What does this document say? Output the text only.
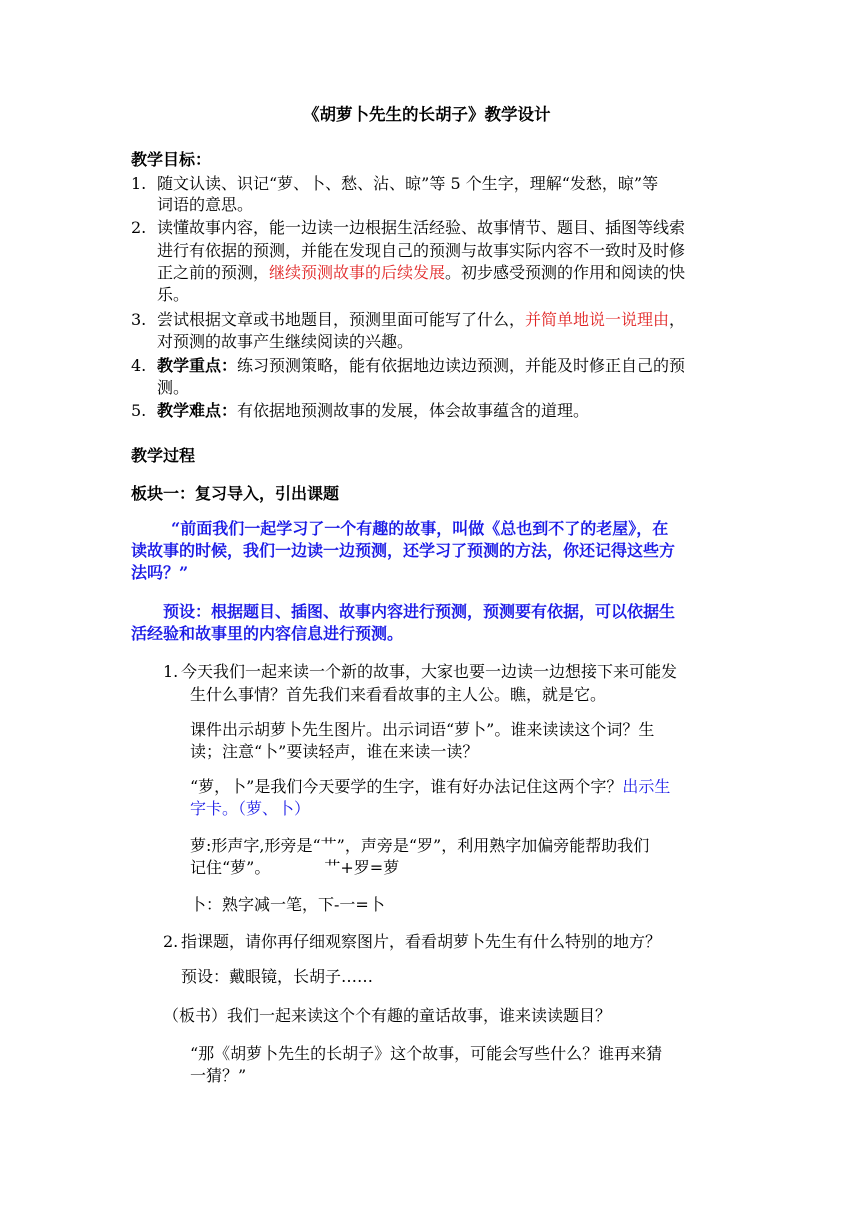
《胡萝卜先生的长胡子》教学设计
教学目标：
1. 随文认读、识记“萝、卜、愁、沾、晾”等 5 个生字，理解“发愁，晾”等
词语的意思。
2. 读懂故事内容，能一边读一边根据生活经验、故事情节、题目、插图等线索
进行有依据的预测，并能在发现自己的预测与故事实际内容不一致时及时修
正之前的预测，继续预测故事的后续发展。初步感受预测的作用和阅读的快
乐。
3. 尝试根据文章或书地题目，预测里面可能写了什么，并简单地说一说理由，
对预测的故事产生继续阅读的兴趣。
4. 教学重点：练习预测策略，能有依据地边读边预测，并能及时修正自己的预
测。
5. 教学难点：有依据地预测故事的发展，体会故事蕴含的道理。
教学过程
板块一：复习导入，引出课题
“前面我们一起学习了一个有趣的故事，叫做《总也到不了的老屋》，在
读故事的时候，我们一边读一边预测，还学习了预测的方法，你还记得这些方
法吗？”
预设：根据题目、插图、故事内容进行预测，预测要有依据，可以依据生
活经验和故事里的内容信息进行预测。
1. 今天我们一起来读一个新的故事，大家也要一边读一边想接下来可能发
生什么事情？首先我们来看看故事的主人公。瞧，就是它。
课件出示胡萝卜先生图片。出示词语“萝卜”。谁来读读这个词？生
读；注意“卜”要读轻声，谁在来读一读？
“萝，卜”是我们今天要学的生字，谁有好办法记住这两个字？出示生
字卡。（萝、卜）
萝:形声字,形旁是“艹”，声旁是“罗”，利用熟字加偏旁能帮助我们
记住“萝”。	艹+罗=萝
卜：熟字减一笔，下-一=卜
2. 指课题，请你再仔细观察图片，看看胡萝卜先生有什么特别的地方？
预设：戴眼镜，长胡子……
（板书）我们一起来读这个个有趣的童话故事，谁来读读题目？
“那《胡萝卜先生的长胡子》这个故事，可能会写些什么？谁再来猜
一猜？”
